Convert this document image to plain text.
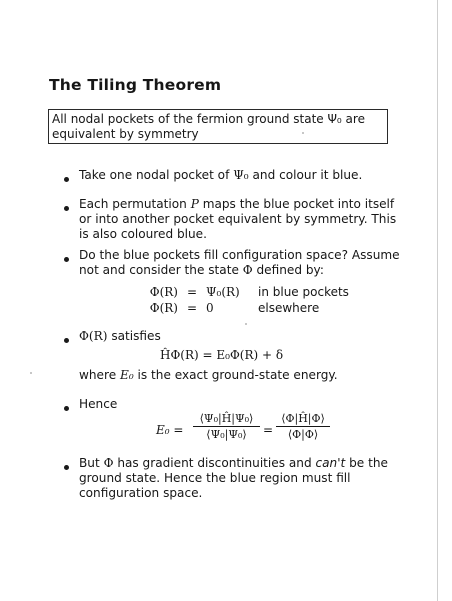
The Tiling Theorem
All nodal pockets of the fermion ground state Ψ₀ are equivalent by symmetry
Take one nodal pocket of Ψ₀ and colour it blue.
Each permutation P maps the blue pocket into itself or into another pocket equivalent by symmetry. This is also coloured blue.
Do the blue pockets fill configuration space? Assume not and consider the state Φ defined by:
Φ(R) = Ψ₀(R) in blue pockets
Φ(R) = 0	elsewhere
Φ(R) satisfies
ĤΦ(R) = E₀Φ(R) + δ
where E₀ is the exact ground-state energy.
Hence
E₀ =
⟨Ψ₀|Ĥ|Ψ₀⟩
⟨Ψ₀|Ψ₀⟩	=
⟨Φ|Ĥ|Φ⟩
⟨Φ|Φ⟩
But Φ has gradient discontinuities and can't be the ground state. Hence the blue region must fill configuration space.
